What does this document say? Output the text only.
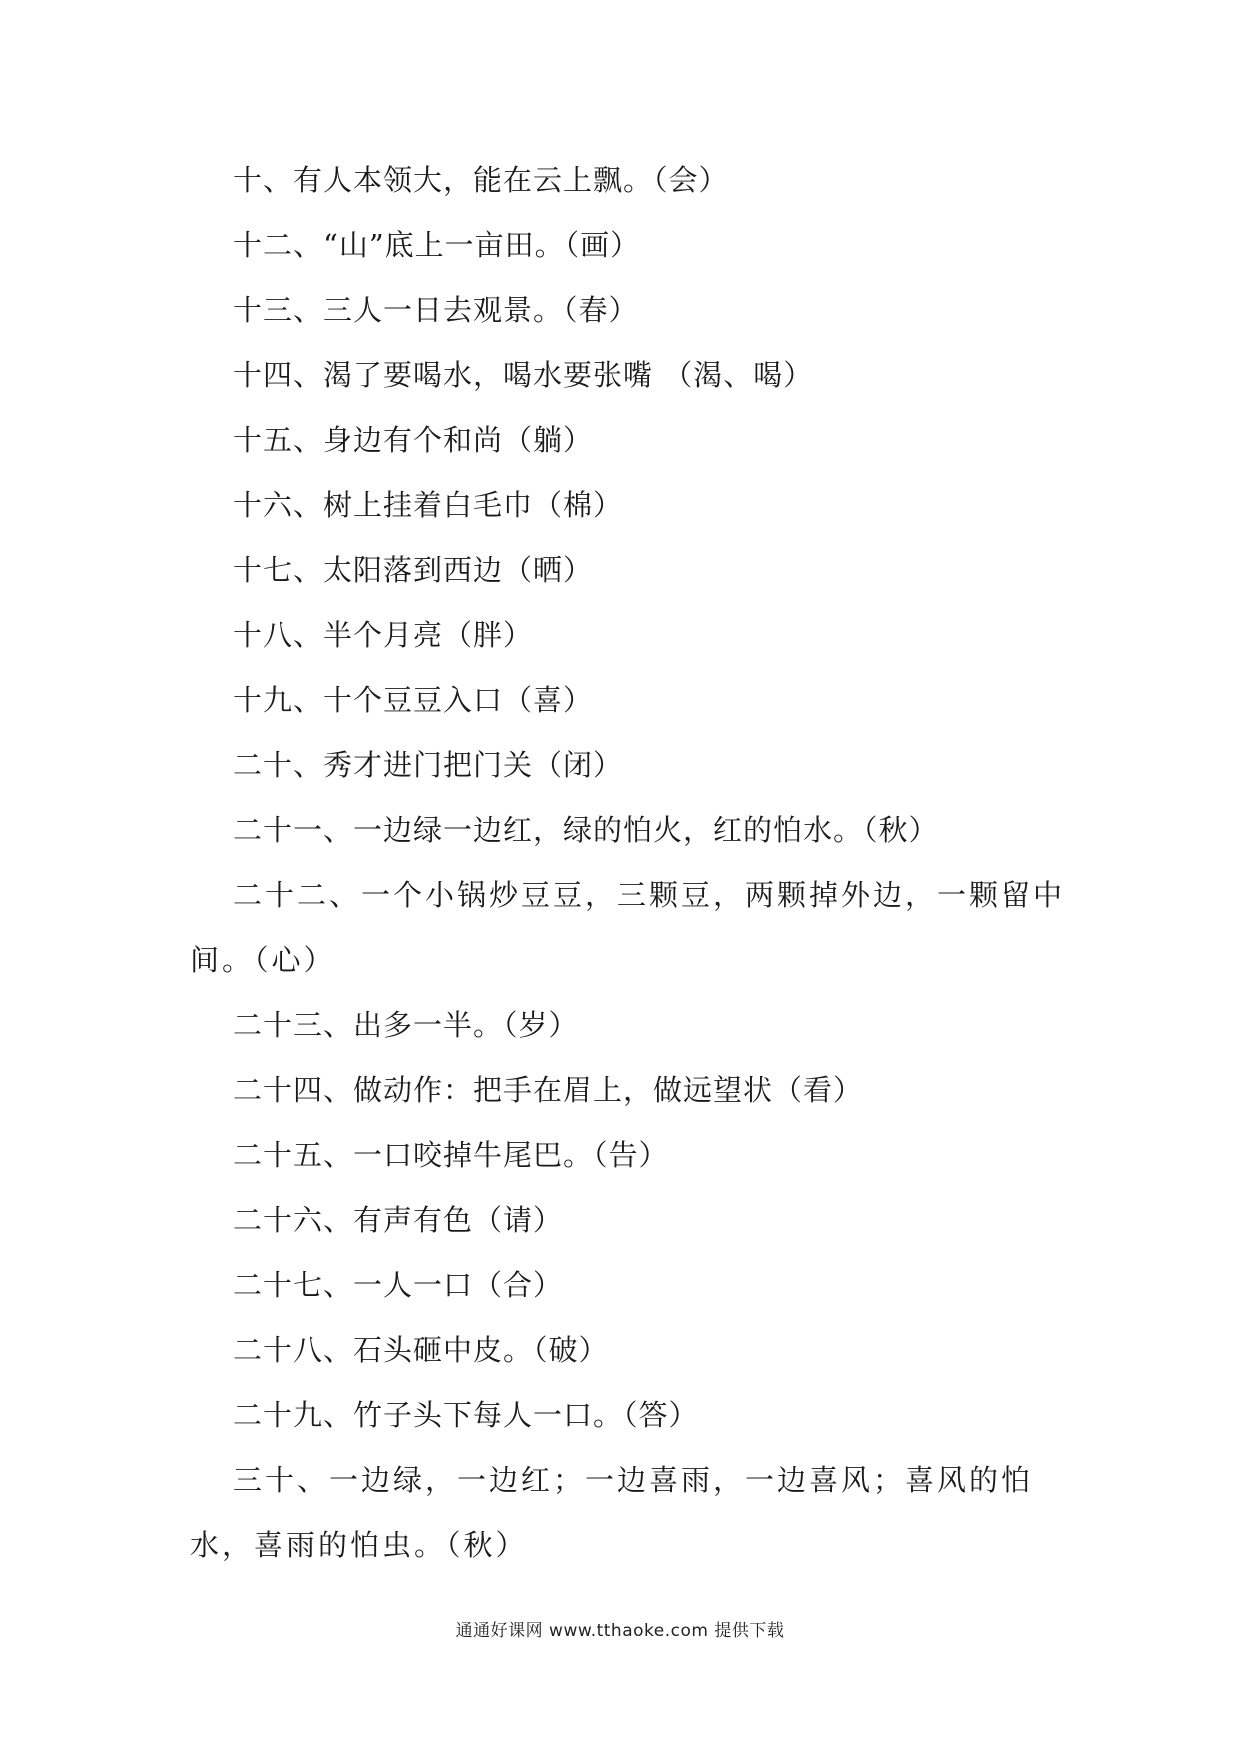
十、有人本领大，能在云上飘。（会）
十二、“山”底上一亩田。（画）
十三、三人一日去观景。（春）
十四、渴了要喝水，喝水要张嘴 （渴、喝）
十五、身边有个和尚（躺）
十六、树上挂着白毛巾（棉）
十七、太阳落到西边（晒）
十八、半个月亮（胖）
十九、十个豆豆入口（喜）
二十、秀才进门把门关（闭）
二十一、一边绿一边红，绿的怕火，红的怕水。（秋）
二十二、一个小锅炒豆豆，三颗豆，两颗掉外边，一颗留中间。（心）
二十三、出多一半。（岁）
二十四、做动作：把手在眉上，做远望状（看）
二十五、一口咬掉牛尾巴。（告）
二十六、有声有色（请）
二十七、一人一口（合）
二十八、石头砸中皮。（破）
二十九、竹子头下每人一口。（答）
三十、一边绿，一边红；一边喜雨，一边喜风；喜风的怕水，喜雨的怕虫。（秋）
通通好课网 www.tthaoke.com 提供下载
